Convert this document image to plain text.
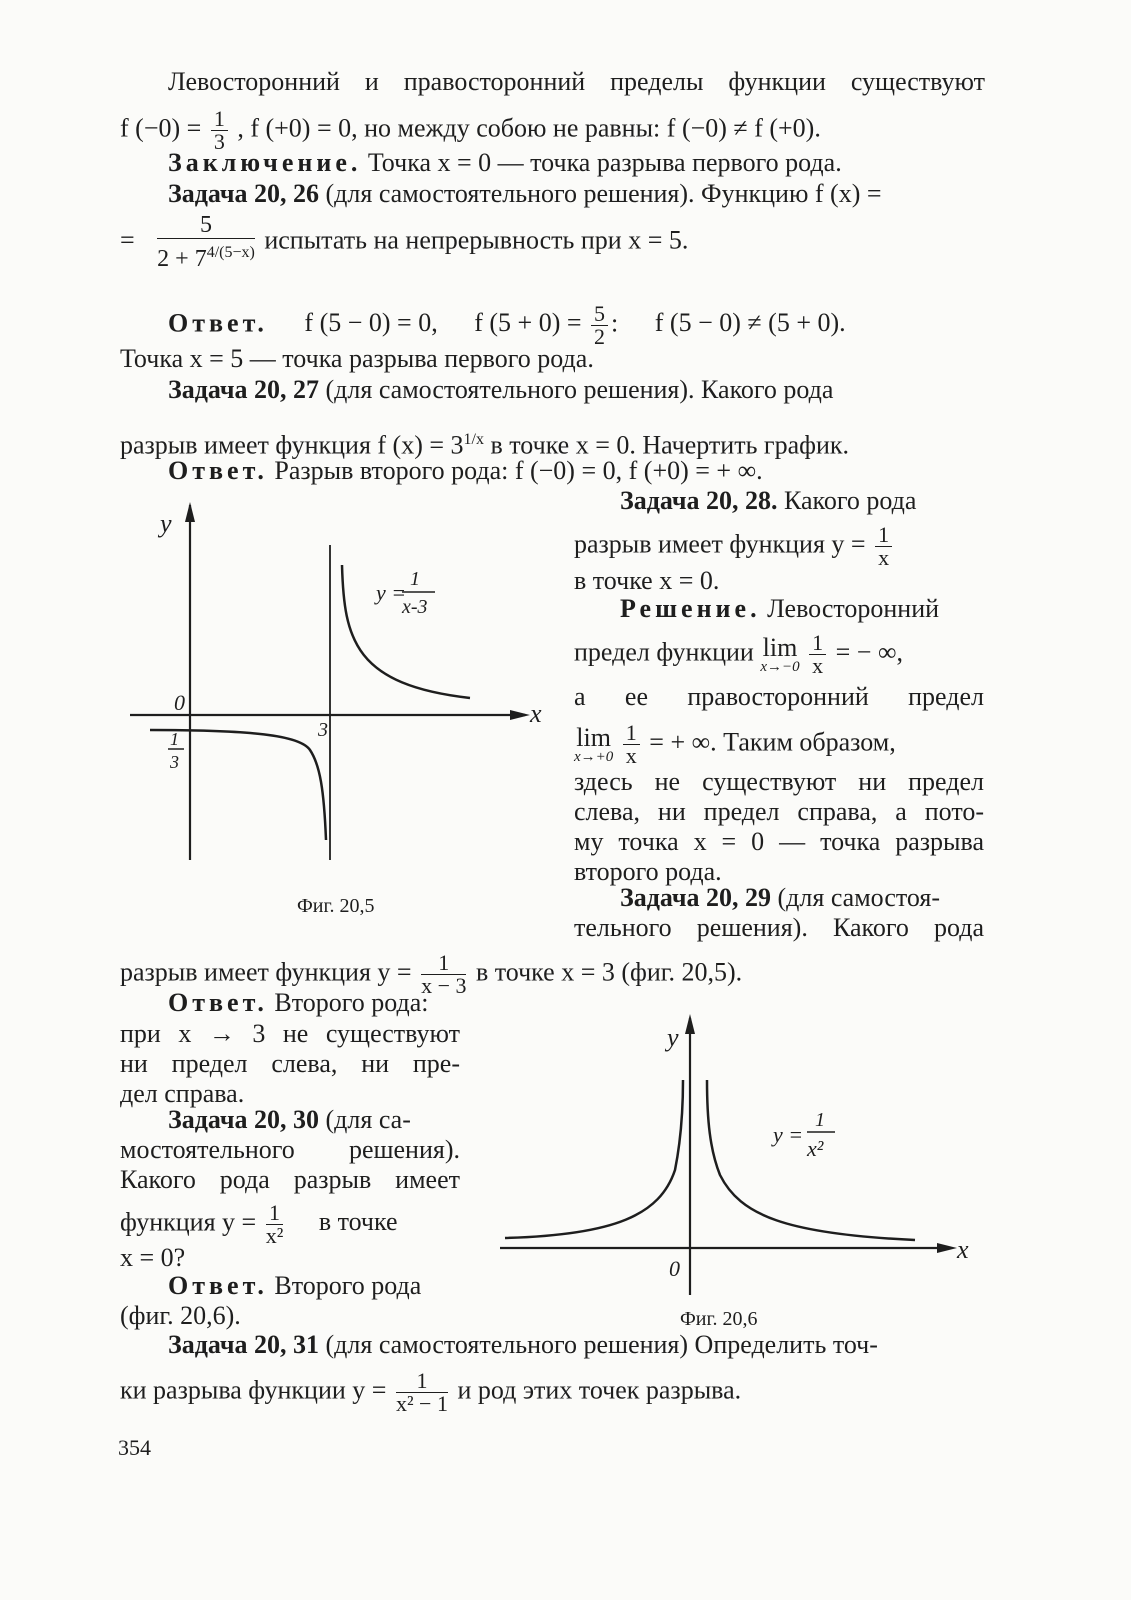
Левосторонний и правосторонний пределы функции существуют
f $(-0) = \frac{1}{3}$ , f (+0) = 0, но между собою не равны: f (−0) ≠ f (+0).
Заключение. Точка x = 0 — точка разрыва первого рода.
Задача 20, 26 (для самостоятельного решения). Функцию f (x) =
= $\frac{5}{2 + 7^{4/(5-x)}}$ испытать на непрерывность при x = 5.
Ответ. f (5 − 0) = 0, f $(5 + 0) = \frac{5}{2}$ : f (5 − 0) ≠ (5 + 0).
Точка x = 5 — точка разрыва первого рода.
Задача 20, 27 (для самостоятельного решения). Какого рода
разрыв имеет функция f $(x) = 3^{1/x}$ в точке x = 0. Начертить график.
Ответ. Разрыв второго рода: f (−0) = 0, f (+0) = + ∞.
Задача 20, 28. Какого рода
разрыв имеет функция $y = \frac{1}{x}$
в точке x = 0.
Решение. Левосторонний
предел функции lim
x→−0
$\frac{1}{x}$ = − ∞,
а ее правосторонний предел
lim
x→+0
$\frac{1}{x}$ = + ∞. Таким образом,
здесь не существуют ни предел
слева, ни предел справа, а пото-
му точка x = 0 — точка разрыва
второго рода.
Задача 20, 29 (для самостоя-
тельного решения). Какого рода
разрыв имеет функция $y = \frac{1}{x - 3}$ в точке x = 3 (фиг. 20,5).
y
x
0
3
1
3
y =
1
x-3
Фиг. 20,5
Ответ. Второго рода:
при x → 3 не существуют
ни предел слева, ни пре-
дел справа.
Задача 20, 30 (для са-
мостоятельного решения).
Какого рода разрыв имеет
функция $y = \frac{1}{\text{x²}}$ в точке
x = 0?
Ответ. Второго рода
(фиг. 20,6).
y
x
0
y =
1
x²
Фиг. 20,6
Задача 20, 31 (для самостоятельного решения) Определить точ-
ки разрыва функции $y = \frac{1}{\text{x² − 1}}$ и род этих точек разрыва.
354
